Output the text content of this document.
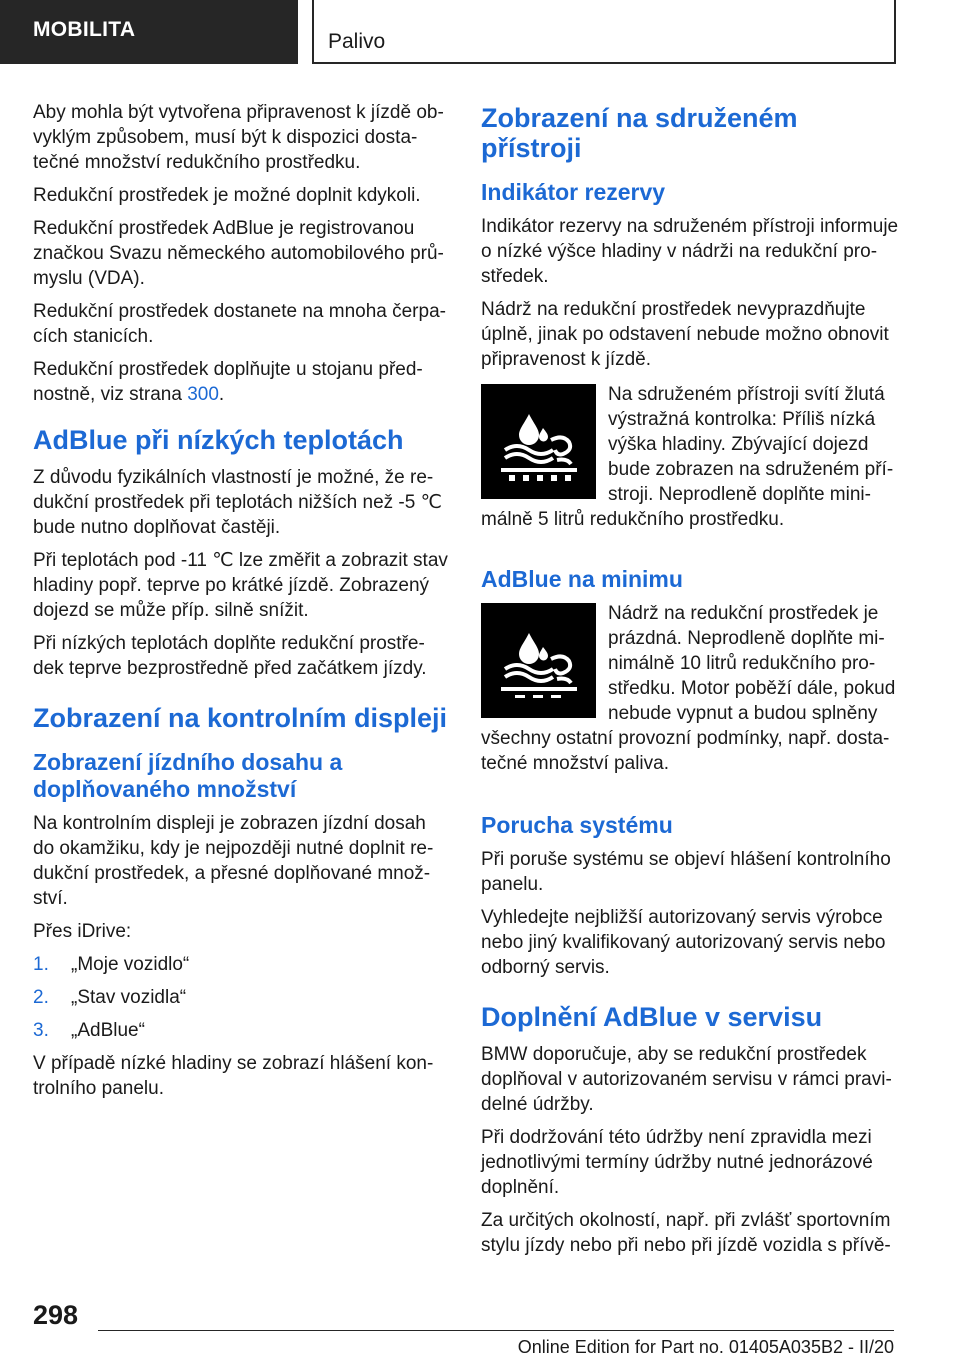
MOBILITA
Palivo

Aby mohla být vytvořena připravenost k jízdě ob-vyklým způsobem, musí být k dispozici dosta-tečné množství redukčního prostředku.

Redukční prostředek je možné doplnit kdykoli.

Redukční prostředek AdBlue je registrovanou značkou Svazu německého automobilového prů-myslu (VDA).

Redukční prostředek dostanete na mnoha čerpa-cích stanicích.

Redukční prostředek doplňujte u stojanu před-nostně, viz strana 300.

AdBlue při nízkých teplotách

Z důvodu fyzikálních vlastností je možné, že re-dukční prostředek při teplotách nižších než -5 ℃ bude nutno doplňovat častěji.

Při teplotách pod -11 ℃ lze změřit a zobrazit stav hladiny popř. teprve po krátké jízdě. Zobrazený dojezd se může příp. silně snížit.

Při nízkých teplotách doplňte redukční prostře-dek teprve bezprostředně před začátkem jízdy.

Zobrazení na kontrolním displeji
Zobrazení jízdního dosahu a doplňovaného množství

Na kontrolním displeji je zobrazen jízdní dosah do okamžiku, kdy je nejpozději nutné doplnit re-dukční prostředek, a přesné doplňované množ-ství.

Přes iDrive:

1. „Moje vozidlo“
2. „Stav vozidla“
3. „AdBlue“

V případě nízké hladiny se zobrazí hlášení kon-trolního panelu.

Zobrazení na sdruženém přístroji
Indikátor rezervy

Indikátor rezervy na sdruženém přístroji informuje o nízké výšce hladiny v nádrži na redukční pro-středek.

Nádrž na redukční prostředek nevyprazdňujte úplně, jinak po odstavení nebude možno obnovit připravenost k jízdě.

Na sdruženém přístroji svítí žlutá výstražná kontrolka: Příliš nízká výška hladiny. Zbývající dojezd bude zobrazen na sdruženém pří-stroji. Neprodleně doplňte mini-málně 5 litrů redukčního prostředku.

AdBlue na minimu

Nádrž na redukční prostředek je prázdná. Neprodleně doplňte mi-nimálně 10 litrů redukčního pro-středku. Motor poběží dále, pokud nebude vypnut a budou splněny všechny ostatní provozní podmínky, např. dosta-tečné množství paliva.

Porucha systému

Při poruše systému se objeví hlášení kontrolního panelu.

Vyhledejte nejbližší autorizovaný servis výrobce nebo jiný kvalifikovaný autorizovaný servis nebo odborný servis.

Doplnění AdBlue v servisu

BMW doporučuje, aby se redukční prostředek doplňoval v autorizovaném servisu v rámci pravi-delné údržby.

Při dodržování této údržby není zpravidla mezi jednotlivými termíny údržby nutné jednorázové doplnění.

Za určitých okolností, např. při zvlášť sportovním stylu jízdy nebo při nebo při jízdě vozidla s přívě-

298
Online Edition for Part no. 01405A035B2 - II/20
